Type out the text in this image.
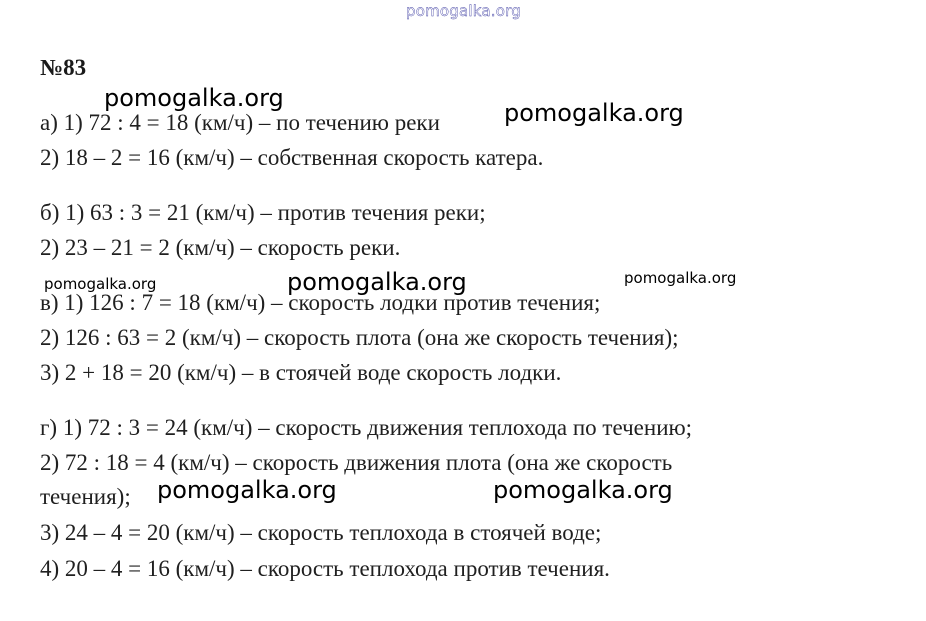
pomogalka.org
№83
а) 1) 72 : 4 = 18 (км/ч) – по течению реки
2) 18 – 2 = 16 (км/ч) – собственная скорость катера.
б) 1) 63 : 3 = 21 (км/ч) – против течения реки;
2) 23 – 21 = 2 (км/ч) – скорость реки.
в) 1) 126 : 7 = 18 (км/ч) – скорость лодки против течения;
2) 126 : 63 = 2 (км/ч) – скорость плота (она же скорость течения);
3) 2 + 18 = 20 (км/ч) – в стоячей воде скорость лодки.
г) 1) 72 : 3 = 24 (км/ч) – скорость движения теплохода по течению;
2) 72 : 18 = 4 (км/ч) – скорость движения плота (она же скорость
течения);
3) 24 – 4 = 20 (км/ч) – скорость теплохода в стоячей воде;
4) 20 – 4 = 16 (км/ч) – скорость теплохода против течения.
pomogalka.org
pomogalka.org
pomogalka.org	pomogalka.org	pomogalka.org
pomogalka.org	pomogalka.org
